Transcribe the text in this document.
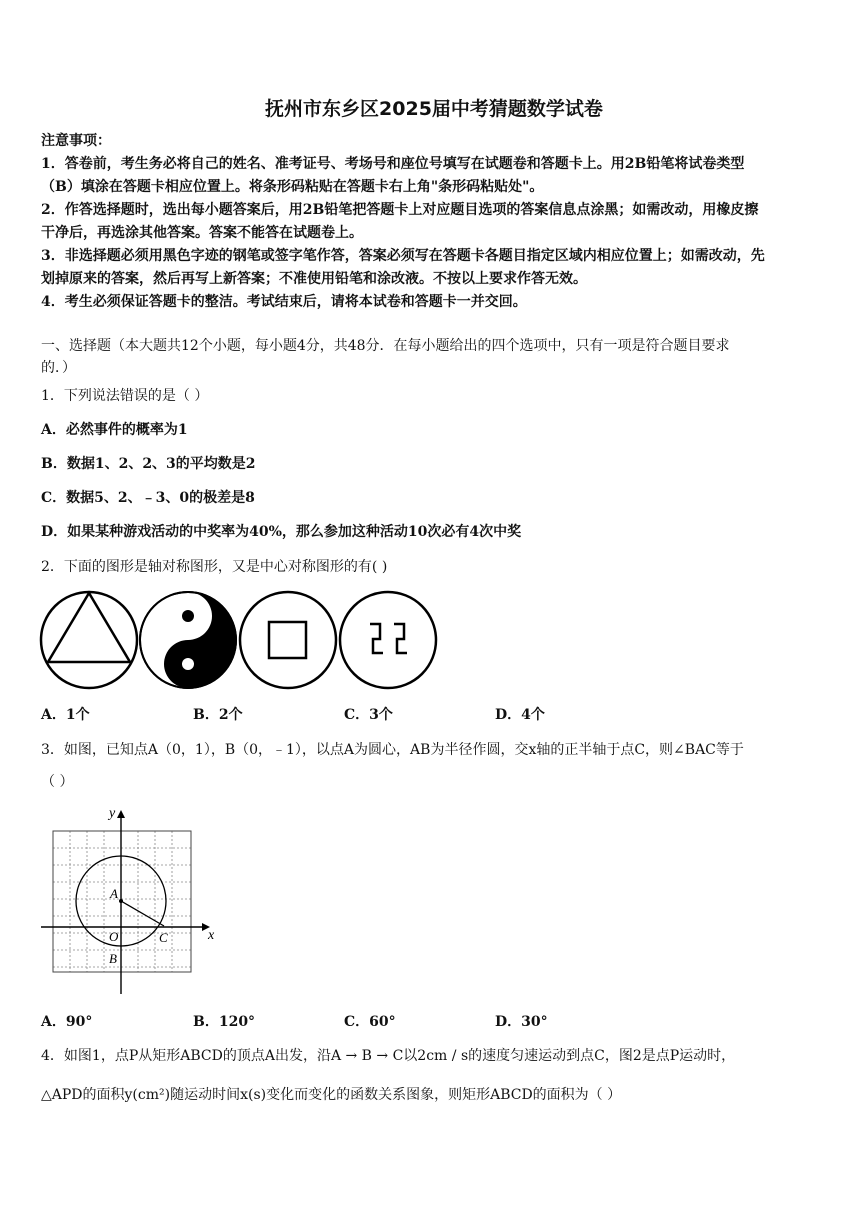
抚州市东乡区2025届中考猜题数学试卷
注意事项：
1．答卷前，考生务必将自己的姓名、准考证号、考场号和座位号填写在试题卷和答题卡上。用2B铅笔将试卷类型
（B）填涂在答题卡相应位置上。将条形码粘贴在答题卡右上角"条形码粘贴处"。
2．作答选择题时，选出每小题答案后，用2B铅笔把答题卡上对应题目选项的答案信息点涂黑；如需改动，用橡皮擦
干净后，再选涂其他答案。答案不能答在试题卷上。
3．非选择题必须用黑色字迹的钢笔或签字笔作答，答案必须写在答题卡各题目指定区域内相应位置上；如需改动，先
划掉原来的答案，然后再写上新答案；不准使用铅笔和涂改液。不按以上要求作答无效。
4．考生必须保证答题卡的整洁。考试结束后，请将本试卷和答题卡一并交回。
一、选择题（本大题共12个小题，每小题4分，共48分．在每小题给出的四个选项中，只有一项是符合题目要求
的．）
1．下列说法错误的是（ ）
A．必然事件的概率为1
B．数据1、2、2、3的平均数是2
C．数据5、2、﹣3、0的极差是8
D．如果某种游戏活动的中奖率为40%，那么参加这种活动10次必有4次中奖
2．下面的图形是轴对称图形，又是中心对称图形的有( )
A．1个	B．2个	C．3个	D．4个
3．如图，已知点A（0，1），B（0，﹣1），以点A为圆心，AB为半径作圆，交x轴的正半轴于点C，则∠BAC等于
（ ）
y
x
A
O	C
B
A．90°	B．120°	C．60°	D．30°
4．如图1，点P从矩形ABCD的顶点A出发，沿A → B → C以2cm / s的速度匀速运动到点C，图2是点P运动时，
△APD的面积y(cm²)随运动时间x(s)变化而变化的函数关系图象，则矩形ABCD的面积为（ ）
